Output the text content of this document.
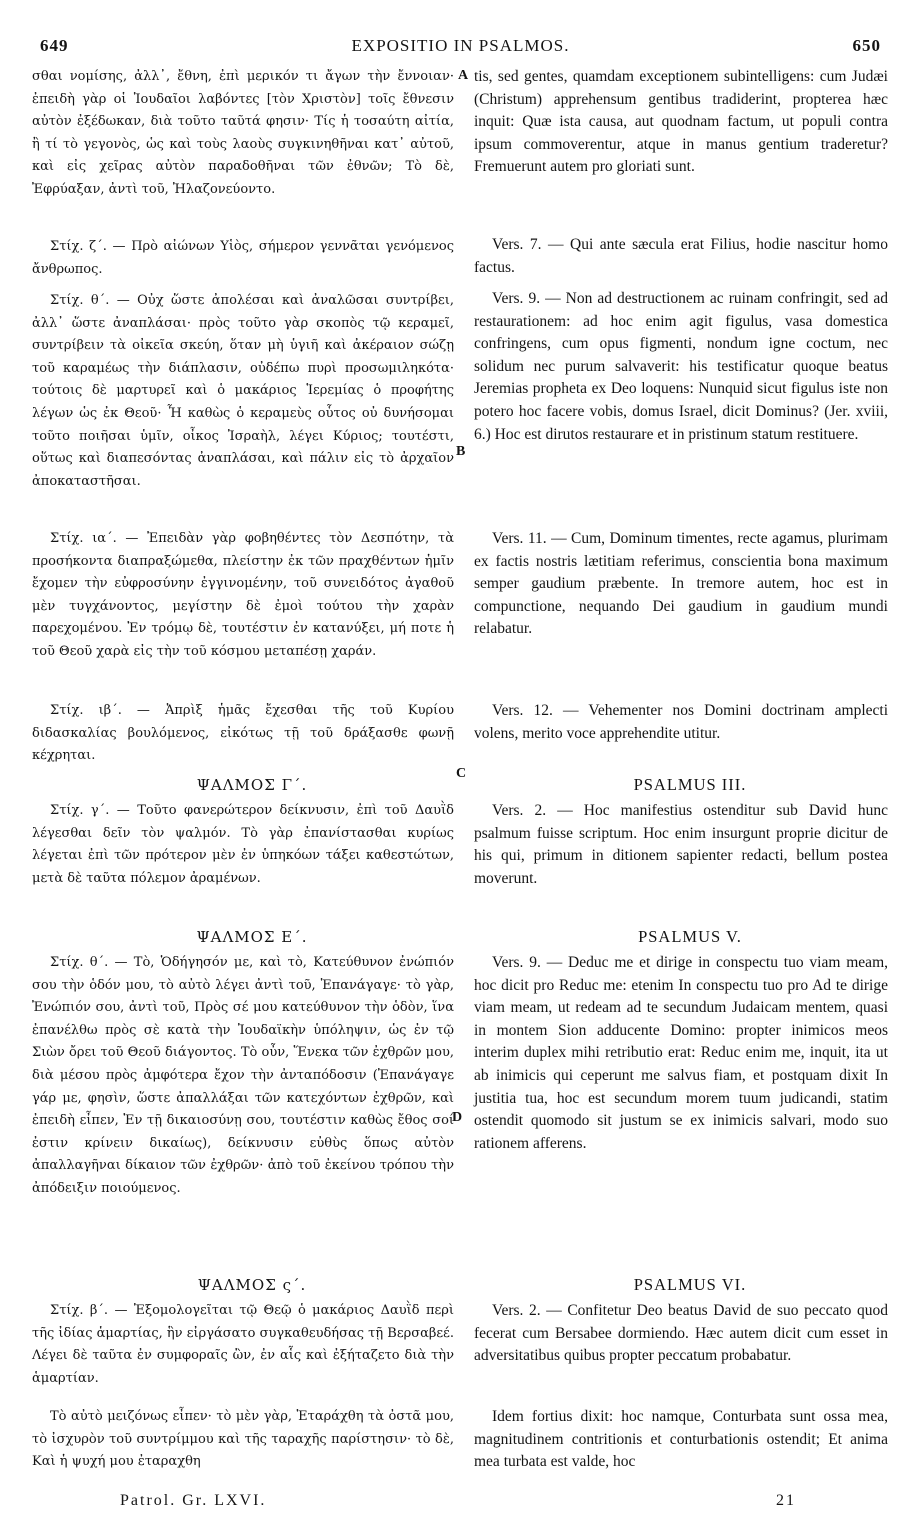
649	EXPOSITIO IN PSALMOS.	650

σθαι νομίσης, ἀλλ᾽, ἔθνη, ἐπὶ μερικόν τι ἄγων τὴν ἔννοιαν· ἐπειδὴ γὰρ οἱ Ἰουδαῖοι λαβόντες [τὸν Χριστὸν] τοῖς ἔθνεσιν αὐτὸν ἐξέδωκαν, διὰ τοῦτο ταῦτά φησιν· Τίς ἡ τοσαύτη αἰτία, ἢ τί τὸ γεγονὸς, ὡς καὶ τοὺς λαοὺς συγκινηθῆναι κατ᾽ αὐτοῦ, καὶ εἰς χεῖρας αὐτὸν παραδοθῆναι τῶν ἐθνῶν; Τὸ δὲ, Ἐφρύαξαν, ἀντὶ τοῦ, Ἠλαζονεύοντο.

Στίχ. ζ΄. — Πρὸ αἰώνων Υἱὸς, σήμερον γεννᾶται γενόμενος ἄνθρωπος.

Στίχ. θ΄. — Οὐχ ὥστε ἀπολέσαι καὶ ἀναλῶσαι συντρίβει, ἀλλ᾽ ὥστε ἀναπλάσαι· πρὸς τοῦτο γὰρ σκοπὸς τῷ κεραμεῖ, συντρίβειν τὰ οἰκεῖα σκεύη, ὅταν μὴ ὑγιῆ καὶ ἀκέραιον σώζῃ τοῦ καραμέως τὴν διάπλασιν, οὐδέπω πυρὶ προσωμιληκότα· τούτοις δὲ μαρτυρεῖ καὶ ὁ μακάριος Ἱερεμίας ὁ προφήτης λέγων ὡς ἐκ Θεοῦ· Ἦ καθὼς ὁ κεραμεὺς οὗτος οὐ δυνήσομαι τοῦτο ποιῆσαι ὑμῖν, οἶκος Ἰσραὴλ, λέγει Κύριος; τουτέστι, οὕτως καὶ διαπεσόντας ἀναπλάσαι, καὶ πάλιν εἰς τὸ ἀρχαῖον ἀποκαταστῆσαι.

Στίχ. ια΄. — Ἐπειδὰν γὰρ φοβηθέντες τὸν Δεσπότην, τὰ προσήκοντα διαπραξώμεθα, πλείστην ἐκ τῶν πραχθέντων ἡμῖν ἔχομεν τὴν εὐφροσύνην ἐγγινομένην, τοῦ συνειδότος ἀγαθοῦ μὲν τυγχάνοντος, μεγίστην δὲ ἐμοὶ τούτου τὴν χαρὰν παρεχομένου. Ἐν τρόμῳ δὲ, τουτέστιν ἐν κατανύξει, μή ποτε ἡ τοῦ Θεοῦ χαρὰ εἰς τὴν τοῦ κόσμου μεταπέσῃ χαράν.

Στίχ. ιβ΄. — Ἀπρὶξ ἡμᾶς ἔχεσθαι τῆς τοῦ Κυρίου διδασκαλίας βουλόμενος, εἰκότως τῇ τοῦ δράξασθε φωνῇ κέχρηται.

ΨΑΛΜΟΣ Γ΄.

Στίχ. γ΄. — Τοῦτο φανερώτερον δείκνυσιν, ἐπὶ τοῦ Δαυῒδ λέγεσθαι δεῖν τὸν ψαλμόν. Τὸ γὰρ ἐπανίστασθαι κυρίως λέγεται ἐπὶ τῶν πρότερον μὲν ἐν ὑπηκόων τάξει καθεστώτων, μετὰ δὲ ταῦτα πόλεμον ἀραμένων.

ΨΑΛΜΟΣ Ε΄.

Στίχ. θ΄. — Τὸ, Ὁδήγησόν με, καὶ τὸ, Κατεύθυνον ἐνώπιόν σου τὴν ὁδόν μου, τὸ αὐτὸ λέγει ἀντὶ τοῦ, Ἐπανάγαγε· τὸ γὰρ, Ἐνώπιόν σου, ἀντὶ τοῦ, Πρὸς σέ μου κατεύθυνον τὴν ὁδὸν, ἵνα ἐπανέλθω πρὸς σὲ κατὰ τὴν Ἰουδαϊκὴν ὑπόληψιν, ὡς ἐν τῷ Σιὼν ὄρει τοῦ Θεοῦ διάγοντος. Τὸ οὖν, Ἕνεκα τῶν ἐχθρῶν μου, διὰ μέσου πρὸς ἀμφότερα ἔχον τὴν ἀνταπόδοσιν (Ἐπανάγαγε γάρ με, φησὶν, ὥστε ἀπαλλάξαι τῶν κατεχόντων ἐχθρῶν, καὶ ἐπειδὴ εἶπεν, Ἐν τῇ δικαιοσύνῃ σου, τουτέστιν καθὼς ἔθος σοί ἐστιν κρίνειν δικαίως), δείκνυσιν εὐθὺς ὅπως αὐτὸν ἀπαλλαγῆναι δίκαιον τῶν ἐχθρῶν· ἀπὸ τοῦ ἐκείνου τρόπου τὴν ἀπόδειξιν ποιούμενος.

ΨΑΛΜΟΣ ς΄.

Στίχ. β΄. — Ἐξομολογεῖται τῷ Θεῷ ὁ μακάριος Δαυῒδ περὶ τῆς ἰδίας ἁμαρτίας, ἣν εἰργάσατο συγκαθευδήσας τῇ Βερσαβεέ. Λέγει δὲ ταῦτα ἐν συμφοραῖς ὢν, ἐν αἷς καὶ ἐξήταζετο διὰ τὴν ἁμαρτίαν.

Τὸ αὐτὸ μειζόνως εἶπεν· τὸ μὲν γὰρ, Ἐταράχθη τὰ ὀστᾶ μου, τὸ ἰσχυρὸν τοῦ συντρίμμου καὶ τῆς ταραχῆς παρίστησιν· τὸ δὲ, Καὶ ἡ ψυχή μου ἐταραχθη

tis, sed gentes, quamdam exceptionem subintelligens: cum Judæi (Christum) apprehensum gentibus tradiderint, propterea hæc inquit: Quæ ista causa, aut quodnam factum, ut populi contra ipsum commoverentur, atque in manus gentium traderetur? Fremuerunt autem pro gloriati sunt.

Vers. 7. — Qui ante sæcula erat Filius, hodie nascitur homo factus.

Vers. 9. — Non ad destructionem ac ruinam confringit, sed ad restaurationem: ad hoc enim agit figulus, vasa domestica confringens, cum opus figmenti, nondum igne coctum, nec solidum nec purum salvaverit: his testificatur quoque beatus Jeremias propheta ex Deo loquens: Nunquid sicut figulus iste non potero hoc facere vobis, domus Israel, dicit Dominus? (Jer. xviii, 6.) Hoc est dirutos restaurare et in pristinum statum restituere.

Vers. 11. — Cum, Dominum timentes, recte agamus, plurimam ex factis nostris lætitiam referimus, conscientia bona maximum semper gaudium præbente. In tremore autem, hoc est in compunctione, nequando Dei gaudium in gaudium mundi relabatur.

Vers. 12. — Vehementer nos Domini doctrinam amplecti volens, merito voce apprehendite utitur.

PSALMUS III.

Vers. 2. — Hoc manifestius ostenditur sub David hunc psalmum fuisse scriptum. Hoc enim insurgunt proprie dicitur de his qui, primum in ditionem sapienter redacti, bellum postea moverunt.

PSALMUS V.

Vers. 9. — Deduc me et dirige in conspectu tuo viam meam, hoc dicit pro Reduc me: etenim In conspectu tuo pro Ad te dirige viam meam, ut redeam ad te secundum Judaicam mentem, quasi in montem Sion adducente Domino: propter inimicos meos interim duplex mihi retributio erat: Reduc enim me, inquit, ita ut ab inimicis qui ceperunt me salvus fiam, et postquam dixit In justitia tua, hoc est secundum morem tuum judicandi, statim ostendit quomodo sit justum se ex inimicis salvari, modo suo rationem afferens.

PSALMUS VI.

Vers. 2. — Confitetur Deo beatus David de suo peccato quod fecerat cum Bersabee dormiendo. Hæc autem dicit cum esset in adversitatibus quibus propter peccatum probabatur.

Idem fortius dixit: hoc namque, Conturbata sunt ossa mea, magnitudinem contritionis et conturbationis ostendit; Et anima mea turbata est valde, hoc

A
B
C
D
Patrol. Gr. LXVI.	21
